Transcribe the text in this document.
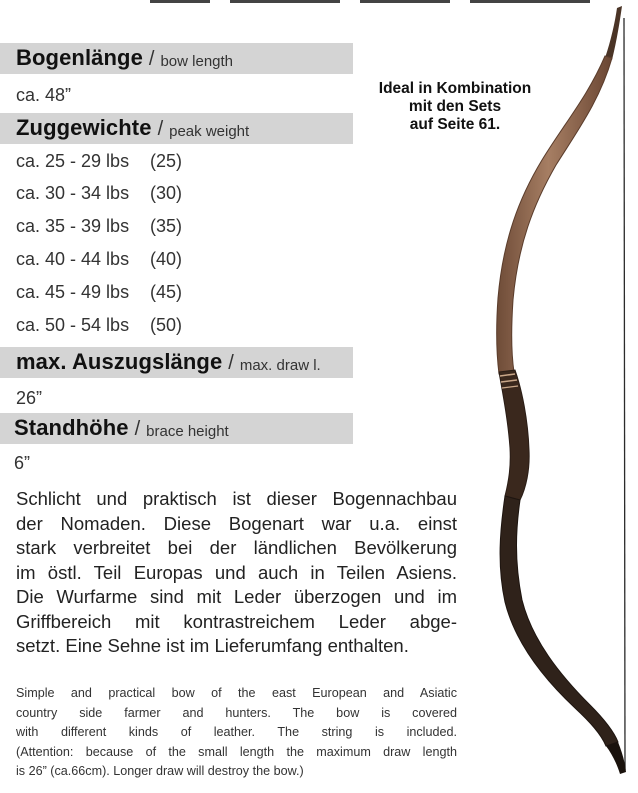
Bogenlänge / bow length
ca. 48”
Zuggewichte / peak weight
ca. 25 - 29 lbs (25)
ca. 30 - 34 lbs (30)
ca. 35 - 39 lbs (35)
ca. 40 - 44 lbs (40)
ca. 45 - 49 lbs (45)
ca. 50 - 54 lbs (50)
max. Auszugslänge / max. draw l.
26”
Standhöhe / brace height
6”
Ideal in Kombination
mit den Sets
auf Seite 61.
Schlicht und praktisch ist dieser Bogennachbau
der Nomaden. Diese Bogenart war u.a. einst
stark verbreitet bei der ländlichen Bevölkerung
im östl. Teil Europas und auch in Teilen Asiens.
Die Wurfarme sind mit Leder überzogen und im
Griffbereich mit kontrastreichem Leder abge-
setzt. Eine Sehne ist im Lieferumfang enthalten.
Simple and practical bow of the east European and Asiatic
country side farmer and hunters. The bow is covered
with different kinds of leather. The string is included.
(Attention: because of the small length the maximum draw length
is 26” (ca.66cm). Longer draw will destroy the bow.)
